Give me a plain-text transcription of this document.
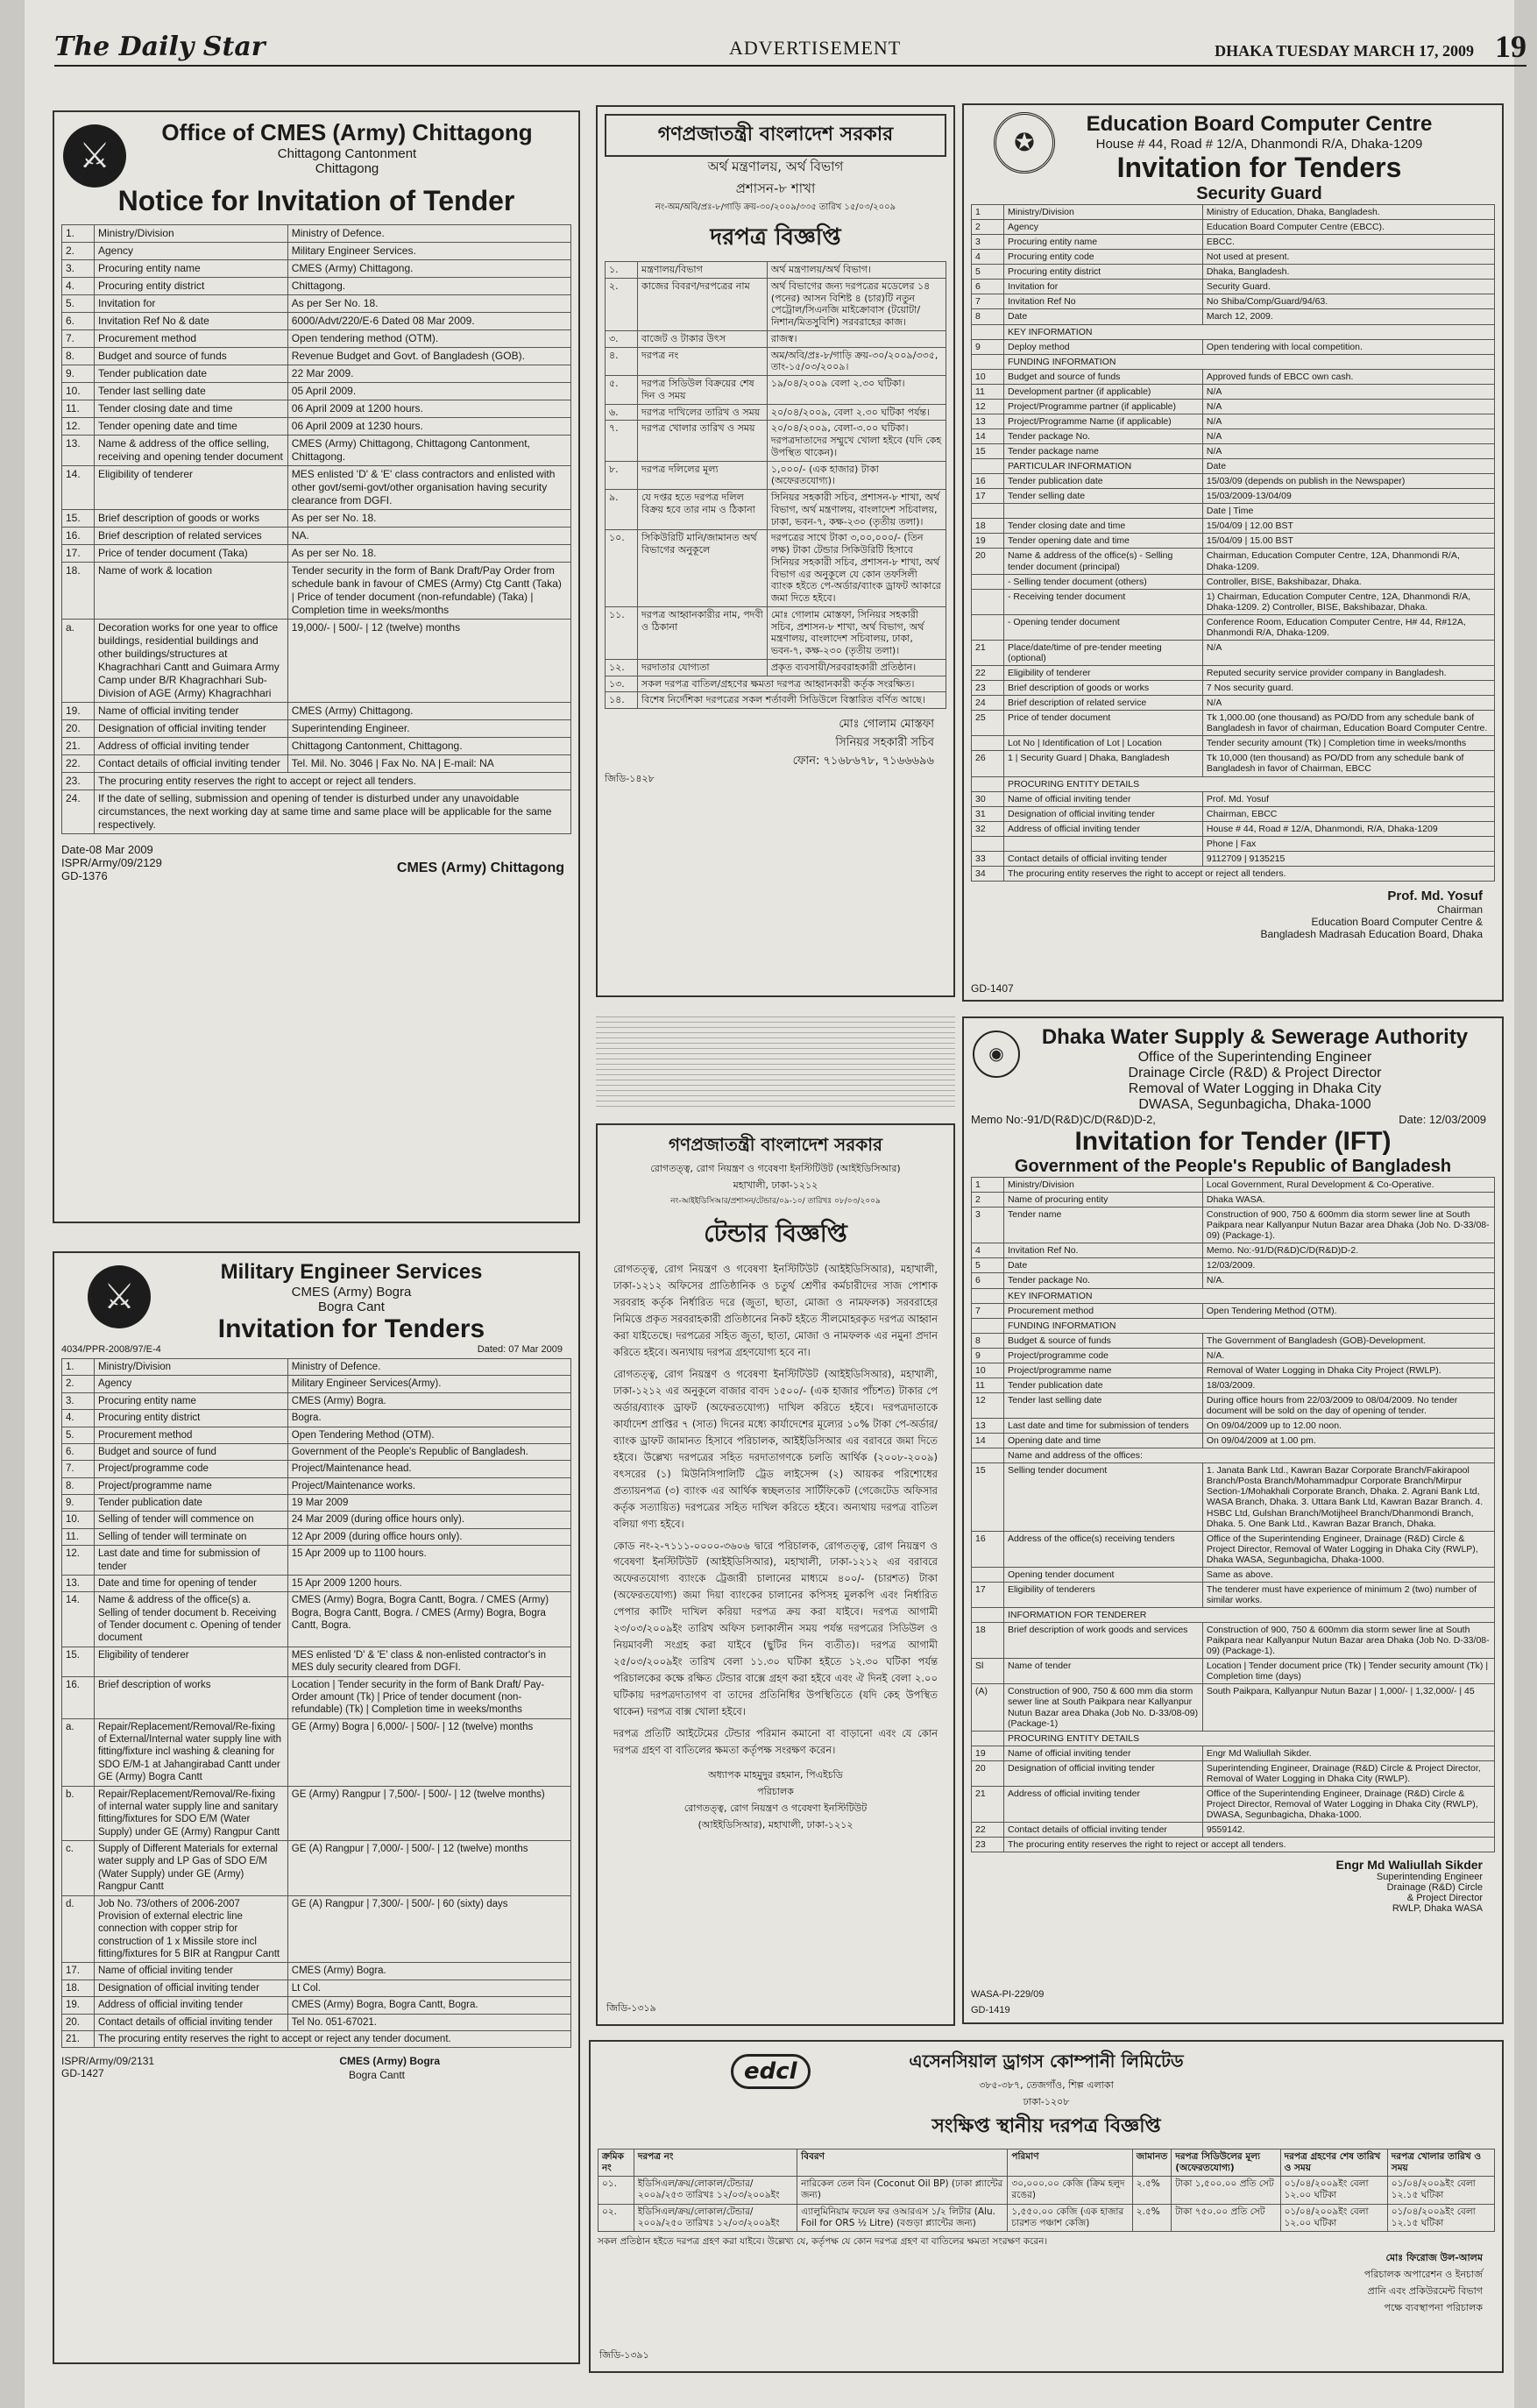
The Daily Star	ADVERTISEMENT	DHAKA TUESDAY MARCH 17, 2009 19
⚔
Office of CMES (Army) Chittagong
Chittagong Cantonment
Chittagong
Notice for Invitation of Tender
1.	Ministry/Division	Ministry of Defence.
2.	Agency	Military Engineer Services.
3.	Procuring entity name	CMES (Army) Chittagong.
4.	Procuring entity district	Chittagong.
5.	Invitation for	As per Ser No. 18.
6.	Invitation Ref No & date	6000/Advt/220/E-6 Dated 08 Mar 2009.
7.	Procurement method	Open tendering method (OTM).
8.	Budget and source of funds	Revenue Budget and Govt. of Bangladesh (GOB).
9.	Tender publication date	22 Mar 2009.
10.	Tender last selling date	05 April 2009.
11.	Tender closing date and time	06 April 2009 at 1200 hours.
12.	Tender opening date and time	06 April 2009 at 1230 hours.
13.	Name & address of the office selling, receiving and opening tender document	CMES (Army) Chittagong, Chittagong Cantonment, Chittagong.
14.	Eligibility of tenderer	MES enlisted 'D' & 'E' class contractors and enlisted with other govt/semi-govt/other organisation having security clearance from DGFI.
15.	Brief description of goods or works	As per ser No. 18.
16.	Brief description of related services	NA.
17.	Price of tender document (Taka)	As per ser No. 18.
18.	Name of work & location	Tender security in the form of Bank Draft/Pay Order from schedule bank in favour of CMES (Army) Ctg Cantt (Taka) | Price of tender document (non-refundable) (Taka) | Completion time in weeks/months
a.	Decoration works for one year to office buildings, residential buildings and other buildings/structures at Khagrachhari Cantt and Guimara Army Camp under B/R Khagrachhari Sub-Division of AGE (Army) Khagrachhari	19,000/- | 500/- | 12 (twelve) months
19.	Name of official inviting tender	CMES (Army) Chittagong.
20.	Designation of official inviting tender	Superintending Engineer.
21.	Address of official inviting tender	Chittagong Cantonment, Chittagong.
22.	Contact details of official inviting tender	Tel. Mil. No. 3046 | Fax No. NA | E-mail: NA
23.	The procuring entity reserves the right to accept or reject all tenders.	
24.	If the date of selling, submission and opening of tender is disturbed under any unavoidable circumstances, the next working day at same time and same place will be applicable for the same respectively.	
Date-08 Mar 2009
ISPR/Army/09/2129
GD-1376
CMES (Army) Chittagong
⚔
Military Engineer Services
CMES (Army) Bogra
Bogra Cant
Invitation for Tenders
4034/PPR-2008/97/E-4	Dated: 07 Mar 2009
1.	Ministry/Division	Ministry of Defence.
2.	Agency	Military Engineer Services(Army).
3.	Procuring entity name	CMES (Army) Bogra.
4.	Procuring entity district	Bogra.
5.	Procurement method	Open Tendering Method (OTM).
6.	Budget and source of fund	Government of the People's Republic of Bangladesh.
7.	Project/programme code	Project/Maintenance head.
8.	Project/programme name	Project/Maintenance works.
9.	Tender publication date	19 Mar 2009
10.	Selling of tender will commence on	24 Mar 2009 (during office hours only).
11.	Selling of tender will terminate on	12 Apr 2009 (during office hours only).
12.	Last date and time for submission of tender	15 Apr 2009 up to 1100 hours.
13.	Date and time for opening of tender	15 Apr 2009 1200 hours.
14.	Name & address of the office(s) a. Selling of tender document b. Receiving of Tender document c. Opening of tender document	CMES (Army) Bogra, Bogra Cantt, Bogra. / CMES (Army) Bogra, Bogra Cantt, Bogra. / CMES (Army) Bogra, Bogra Cantt, Bogra.
15.	Eligibility of tenderer	MES enlisted 'D' & 'E' class & non-enlisted contractor's in MES duly security cleared from DGFI.
16.	Brief description of works	Location | Tender security in the form of Bank Draft/ Pay-Order amount (Tk) | Price of tender document (non-refundable) (Tk) | Completion time in weeks/months
a.	Repair/Replacement/Removal/Re-fixing of External/Internal water supply line with fitting/fixture incl washing & cleaning for SDO E/M-1 at Jahangirabad Cantt under GE (Army) Bogra Cantt	GE (Army) Bogra | 6,000/- | 500/- | 12 (twelve) months
b.	Repair/Replacement/Removal/Re-fixing of internal water supply line and sanitary fitting/fixtures for SDO E/M (Water Supply) under GE (Army) Rangpur Cantt	GE (Army) Rangpur | 7,500/- | 500/- | 12 (twelve months)
c.	Supply of Different Materials for external water supply and LP Gas of SDO E/M (Water Supply) under GE (Army) Rangpur Cantt	GE (A) Rangpur | 7,000/- | 500/- | 12 (twelve) months
d.	Job No. 73/others of 2006-2007 Provision of external electric line connection with copper strip for construction of 1 x Missile store incl fitting/fixtures for 5 BIR at Rangpur Cantt	GE (A) Rangpur | 7,300/- | 500/- | 60 (sixty) days
17.	Name of official inviting tender	CMES (Army) Bogra.
18.	Designation of official inviting tender	Lt Col.
19.	Address of official inviting tender	CMES (Army) Bogra, Bogra Cantt, Bogra.
20.	Contact details of official inviting tender	Tel No. 051-67021.
21.	The procuring entity reserves the right to accept or reject any tender document.	
ISPR/Army/09/2131
GD-1427
CMES (Army) Bogra
Bogra Cantt
গণপ্রজাতন্ত্রী বাংলাদেশ সরকার
অর্থ মন্ত্রণালয়, অর্থ বিভাগ
প্রশাসন-৮ শাখা
নং-অম/অবি/প্রঃ-৮/গাড়ি ক্রয়-৩০/২০০৯/৩৩৫ তারিখ ১৫/০৩/২০০৯
দরপত্র বিজ্ঞপ্তি
১.	মন্ত্রণালয়/বিভাগ	অর্থ মন্ত্রণালয়/অর্থ বিভাগ।
২.	কাজের বিবরণ/দরপত্রের নাম	অর্থ বিভাগের জন্য দরপত্রের মডেলের ১৪ (পনের) আসন বিশিষ্ট ৪ (চার)টি নতুন পেট্রোল/সিএনজি মাইক্রোবাস (টয়োটা/নিশান/মিতসুবিশি) সরবরাহের কাজ।
৩.	বাজেট ও টাকার উৎস	রাজস্ব।
৪.	দরপত্র নং	অম/অবি/প্রঃ-৮/গাড়ি ক্রয়-৩০/২০০৯/৩৩৫, তাং-১৫/০৩/২০০৯।
৫.	দরপত্র সিডিউল বিক্রয়ের শেষ দিন ও সময়	১৯/০৪/২০০৯ বেলা ২.৩০ ঘটিকা।
৬.	দরপত্র দাখিলের তারিখ ও সময়	২০/০৪/২০০৯, বেলা ২.৩০ ঘটিকা পর্যন্ত।
৭.	দরপত্র খোলার তারিখ ও সময়	২০/০৪/২০০৯, বেলা-৩.০০ ঘটিকা। দরপত্রদাতাদের সম্মুখে খোলা হইবে (যদি কেহ উপস্থিত থাকেন)।
৮.	দরপত্র দলিলের মূল্য	১,০০০/- (এক হাজার) টাকা (অফেরতযোগ্য)।
৯.	যে দপ্তর হতে দরপত্র দলিল বিক্রয় হবে তার নাম ও ঠিকানা	সিনিয়র সহকারী সচিব, প্রশাসন-৮ শাখা, অর্থ বিভাগ, অর্থ মন্ত্রণালয়, বাংলাদেশ সচিবালয়, ঢাকা, ভবন-৭, কক্ষ-২৩০ (তৃতীয় তলা)।
১০.	সিকিউরিটি মানি/জামানত অর্থ বিভাগের অনুকূলে	দরপত্রের সাথে টাকা ৩,০০,০০০/- (তিন লক্ষ) টাকা টেন্ডার সিকিউরিটি হিসাবে সিনিয়র সহকারী সচিব, প্রশাসন-৮ শাখা, অর্থ বিভাগ এর অনুকূলে যে কোন তফসিলী ব্যাংক হইতে পে-অর্ডার/ব্যাংক ড্রাফট আকারে জমা দিতে হইবে।
১১.	দরপত্র আহ্বানকারীর নাম, পদবী ও ঠিকানা	মোঃ গোলাম মোস্তফা, সিনিয়র সহকারী সচিব, প্রশাসন-৮ শাখা, অর্থ বিভাগ, অর্থ মন্ত্রণালয়, বাংলাদেশ সচিবালয়, ঢাকা, ভবন-৭, কক্ষ-২৩০ (তৃতীয় তলা)।
১২.	দরদাতার যোগ্যতা	প্রকৃত ব্যবসায়ী/সরবরাহকারী প্রতিষ্ঠান।
১৩.	সকল দরপত্র বাতিল/গ্রহণের ক্ষমতা দরপত্র আহ্বানকারী কর্তৃক সংরক্ষিত।	
১৪.	বিশেষ নির্দেশিকা দরপত্রের সকল শর্তাবলী সিডিউলে বিস্তারিত বর্ণিত আছে।	
মোঃ গোলাম মোস্তফা
সিনিয়র সহকারী সচিব
ফোন: ৭১৬৮৬৭৮, ৭১৬৬৬৯৬
জিডি-১৪২৮
গণপ্রজাতন্ত্রী বাংলাদেশ সরকার
রোগতত্ত্ব, রোগ নিয়ন্ত্রণ ও গবেষণা ইনস্টিটিউট (আইইডিসিআর)
মহাখালী, ঢাকা-১২১২
নং-আইইডিসিআর/প্রশাসন/টেন্ডার/০৯-১০/ তারিখঃ ০৮/০৩/২০০৯
টেন্ডার বিজ্ঞপ্তি

রোগতত্ত্ব, রোগ নিয়ন্ত্রণ ও গবেষণা ইনস্টিটিউট (আইইডিসিআর), মহাখালী, ঢাকা-১২১২ অফিসের প্রাতিষ্ঠানিক ও চতুর্থ শ্রেণীর কর্মচারীদের সাজ পোশাক সরবরাহ কর্তৃক নির্ধারিত দরে (জুতা, ছাতা, মোজা ও নামফলক) সরবরাহের নিমিত্তে প্রকৃত সরবরাহকারী প্রতিষ্ঠানের নিকট হইতে সীলমোহরকৃত দরপত্র আহ্বান করা যাইতেছে। দরপত্রের সহিত জুতা, ছাতা, মোজা ও নামফলক এর নমুনা প্রদান করিতে হইবে। অন্যথায় দরপত্র গ্রহণযোগ্য হবে না।

রোগতত্ত্ব, রোগ নিয়ন্ত্রণ ও গবেষণা ইনস্টিটিউট (আইইডিসিআর), মহাখালী, ঢাকা-১২১২ এর অনুকূলে বাজার বাবদ ১৫০০/- (এক হাজার পাঁচশত) টাকার পে অর্ডার/ব্যাংক ড্রাফট (অফেরতযোগ্য) দাখিল করিতে হইবে। দরপত্রদাতাকে কার্যাদেশ প্রাপ্তির ৭ (সাত) দিনের মধ্যে কার্যাদেশের মূল্যের ১০% টাকা পে-অর্ডার/ব্যাংক ড্রাফট জামানত হিসাবে পরিচালক, আইইডিসিআর এর বরাবরে জমা দিতে হইবে। উল্লেখ্য দরপত্রের সহিত দরদাতাগণকে চলতি আর্থিক (২০০৮-২০০৯) বৎসরের (১) মিউনিসিপালিটি ট্রেড লাইসেন্স (২) আয়কর পরিশোধের প্রত্যায়নপত্র (৩) ব্যাংক এর আর্থিক স্বচ্ছলতার সার্টিফিকেট (গেজেটেড অফিসার কর্তৃক সত্যায়িত) দরপত্রের সহিত দাখিল করিতে হইবে। অন্যথায় দরপত্র বাতিল বলিয়া গণ্য হইবে।

কোড নং-২-৭১১১-০০০০-৩৬০৬ দ্বারে পরিচালক, রোগতত্ত্ব, রোগ নিয়ন্ত্রণ ও গবেষণা ইনস্টিটিউট (আইইডিসিআর), মহাখালী, ঢাকা-১২১২ এর বরাবরে অফেরতযোগ্য ব্যাংকে ট্রেজারী চালানের মাধ্যমে ৪০০/- (চারশত) টাকা (অফেরতযোগ্য) জমা দিয়া ব্যাংকের চালানের কপিসহ মুলকপি এবং নির্ধারিত পেপার কাটিং দাখিল করিয়া দরপত্র ক্রয় করা যাইবে। দরপত্র আগামী ২৩/০৩/২০০৯ইং তারিখ অফিস চলাকালীন সময় পর্যন্ত দরপত্রের সিডিউল ও নিয়মাবলী সংগ্রহ করা যাইবে (ছুটির দিন ব্যতীত)। দরপত্র আগামী ২৫/০৩/২০০৯ইং তারিখ বেলা ১১.৩০ ঘটিকা হইতে ১২.৩০ ঘটিকা পর্যন্ত পরিচালকের কক্ষে রক্ষিত টেন্ডার বাক্সে গ্রহণ করা হইবে এবং ঐ দিনই বেলা ২.০০ ঘটিকায় দরপত্রদাতাগণ বা তাদের প্রতিনিধির উপস্থিতিতে (যদি কেহ উপস্থিত থাকেন) দরপত্র বাক্স খোলা হইবে।

দরপত্র প্রতিটি আইটেমের টেন্ডার পরিমান কমানো বা বাড়ানো এবং যে কোন দরপত্র গ্রহণ বা বাতিলের ক্ষমতা কর্তৃপক্ষ সংরক্ষণ করেন।

অধ্যাপক মাহমুদুর রহমান, পিএইচডি
পরিচালক
রোগতত্ত্ব, রোগ নিয়ন্ত্রণ ও গবেষণা ইনস্টিটিউট
(আইইডিসিআর), মহাখালী, ঢাকা-১২১২
জিডি-১৩১৯
✪
Education Board Computer Centre
House # 44, Road # 12/A, Dhanmondi R/A, Dhaka-1209
Invitation for Tenders
Security Guard
1	Ministry/Division	Ministry of Education, Dhaka, Bangladesh.
2	Agency	Education Board Computer Centre (EBCC).
3	Procuring entity name	EBCC.
4	Procuring entity code	Not used at present.
5	Procuring entity district	Dhaka, Bangladesh.
6	Invitation for	Security Guard.
7	Invitation Ref No	No Shiba/Comp/Guard/94/63.
8	Date	March 12, 2009.
	KEY INFORMATION	
9	Deploy method	Open tendering with local competition.
	FUNDING INFORMATION	
10	Budget and source of funds	Approved funds of EBCC own cash.
11	Development partner (if applicable)	N/A
12	Project/Programme partner (if applicable)	N/A
13	Project/Programme Name (if applicable)	N/A
14	Tender package No.	N/A
15	Tender package name	N/A
	PARTICULAR INFORMATION	Date
16	Tender publication date	15/03/09 (depends on publish in the Newspaper)
17	Tender selling date	15/03/2009-13/04/09
		Date | Time
18	Tender closing date and time	15/04/09 | 12.00 BST
19	Tender opening date and time	15/04/09 | 15.00 BST
20	Name & address of the office(s) - Selling tender document (principal)	Chairman, Education Computer Centre, 12A, Dhanmondi R/A, Dhaka-1209.
	- Selling tender document (others)	Controller, BISE, Bakshibazar, Dhaka.
	- Receiving tender document	1) Chairman, Education Computer Centre, 12A, Dhanmondi R/A, Dhaka-1209. 2) Controller, BISE, Bakshibazar, Dhaka.
	- Opening tender document	Conference Room, Education Computer Centre, H# 44, R#12A, Dhanmondi R/A, Dhaka-1209.
21	Place/date/time of pre-tender meeting (optional)	N/A
22	Eligibility of tenderer	Reputed security service provider company in Bangladesh.
23	Brief description of goods or works	7 Nos security guard.
24	Brief description of related service	N/A
25	Price of tender document	Tk 1,000.00 (one thousand) as PO/DD from any schedule bank of Bangladesh in favor of chairman, Education Board Computer Centre.
	Lot No | Identification of Lot | Location	Tender security amount (Tk) | Completion time in weeks/months
26	1 | Security Guard | Dhaka, Bangladesh	Tk 10,000 (ten thousand) as PO/DD from any schedule bank of Bangladesh in favor of Chairman, EBCC
	PROCURING ENTITY DETAILS	
30	Name of official inviting tender	Prof. Md. Yosuf
31	Designation of official inviting tender	Chairman, EBCC
32	Address of official inviting tender	House # 44, Road # 12/A, Dhanmondi, R/A, Dhaka-1209
		Phone | Fax
33	Contact details of official inviting tender	9112709 | 9135215
34	The procuring entity reserves the right to accept or reject all tenders.	
Prof. Md. Yosuf
Chairman
Education Board Computer Centre &
Bangladesh Madrasah Education Board, Dhaka
GD-1407
◉
Dhaka Water Supply & Sewerage Authority
Office of the Superintending Engineer
Drainage Circle (R&D) & Project Director
Removal of Water Logging in Dhaka City
DWASA, Segunbagicha, Dhaka-1000
Memo No:-91/D(R&D)C/D(R&D)D-2,	Date: 12/03/2009
Invitation for Tender (IFT)
Government of the People's Republic of Bangladesh
1	Ministry/Division	Local Government, Rural Development & Co-Operative.
2	Name of procuring entity	Dhaka WASA.
3	Tender name	Construction of 900, 750 & 600mm dia storm sewer line at South Paikpara near Kallyanpur Nutun Bazar area Dhaka (Job No. D-33/08-09) (Package-1).
4	Invitation Ref No.	Memo. No:-91/D(R&D)C/D(R&D)D-2.
5	Date	12/03/2009.
6	Tender package No.	N/A.
	KEY INFORMATION	
7	Procurement method	Open Tendering Method (OTM).
	FUNDING INFORMATION	
8	Budget & source of funds	The Government of Bangladesh (GOB)-Development.
9	Project/programme code	N/A.
10	Project/programme name	Removal of Water Logging in Dhaka City Project (RWLP).
11	Tender publication date	18/03/2009.
12	Tender last selling date	During office hours from 22/03/2009 to 08/04/2009. No tender document will be sold on the day of opening of tender.
13	Last date and time for submission of tenders	On 09/04/2009 up to 12.00 noon.
14	Opening date and time	On 09/04/2009 at 1.00 pm.
	Name and address of the offices:	
15	Selling tender document	1. Janata Bank Ltd., Kawran Bazar Corporate Branch/Fakirapool Branch/Posta Branch/Mohammadpur Corporate Branch/Mirpur Section-1/Mohakhali Corporate Branch, Dhaka. 2. Agrani Bank Ltd, WASA Branch, Dhaka. 3. Uttara Bank Ltd, Kawran Bazar Branch. 4. HSBC Ltd, Gulshan Branch/Motijheel Branch/Dhanmondi Branch, Dhaka. 5. One Bank Ltd., Kawran Bazar Branch, Dhaka.
16	Address of the office(s) receiving tenders	Office of the Superintending Engineer, Drainage (R&D) Circle & Project Director, Removal of Water Logging in Dhaka City (RWLP), Dhaka WASA, Segunbagicha, Dhaka-1000.
	Opening tender document	Same as above.
17	Eligibility of tenderers	The tenderer must have experience of minimum 2 (two) number of similar works.
	INFORMATION FOR TENDERER	
18	Brief description of work goods and services	Construction of 900, 750 & 600mm dia storm sewer line at South Paikpara near Kallyanpur Nutun Bazar area Dhaka (Job No. D-33/08-09) (Package-1).
Sl	Name of tender	Location | Tender document price (Tk) | Tender security amount (Tk) | Completion time (days)
(A)	Construction of 900, 750 & 600 mm dia storm sewer line at South Paikpara near Kallyanpur Nutun Bazar area Dhaka (Job No. D-33/08-09) (Package-1)	South Paikpara, Kallyanpur Nutun Bazar | 1,000/- | 1,32,000/- | 45
	PROCURING ENTITY DETAILS	
19	Name of official inviting tender	Engr Md Waliullah Sikder.
20	Designation of official inviting tender	Superintending Engineer, Drainage (R&D) Circle & Project Director, Removal of Water Logging in Dhaka City (RWLP).
21	Address of official inviting tender	Office of the Superintending Engineer, Drainage (R&D) Circle & Project Director, Removal of Water Logging in Dhaka City (RWLP), DWASA, Segunbagicha, Dhaka-1000.
22	Contact details of official inviting tender	9559142.
23	The procuring entity reserves the right to reject or accept all tenders.	
Engr Md Waliullah Sikder
Superintending Engineer
Drainage (R&D) Circle
& Project Director
RWLP, Dhaka WASA
WASA-PI-229/09
GD-1419
edcl	এসেনসিয়াল ড্রাগস কোম্পানী লিমিটেড
৩৮৫-৩৮৭, তেজগাঁও, শিল্প এলাকা
ঢাকা-১২০৮
সংক্ষিপ্ত স্থানীয় দরপত্র বিজ্ঞপ্তি
ক্রমিক নং	দরপত্র নং	বিবরণ	পরিমাণ	জামানত	দরপত্র সিডিউলের মূল্য (অফেরতযোগ্য)	দরপত্র গ্রহণের শেষ তারিখ ও সময়	দরপত্র খোলার তারিখ ও সময়
০১.	ইডিসিএল/ক্রয়/লোকাল/টেন্ডার/২০০৯/২৫৩ তারিখঃ ১২/০৩/২০০৯ইং	নারিকেল তেল বিন (Coconut Oil BP) (ঢাকা প্ল্যান্টের জন্য)	৩০,০০০.০০ কেজি (ক্রিম হলুদ রঙের)	২.৫%	টাকা ১,৫০০.০০ প্রতি সেট	০১/০৪/২০০৯ইং বেলা ১২.০০ ঘটিকা	০১/০৪/২০০৯ইং বেলা ১২.১৫ ঘটিকা
০২.	ইডিসিএল/ক্রয়/লোকাল/টেন্ডার/২০০৯/২৫০ তারিখঃ ১২/০৩/২০০৯ইং	এ্যালুমিনিয়াম ফয়েল ফর ওআরএস ১/২ লিটার (Alu. Foil for ORS ½ Litre) (বগুড়া প্ল্যান্টের জন্য)	১,৫৫০.০০ কেজি (এক হাজার চারশত পঞ্চাশ কেজি)	২.৫%	টাকা ৭৫০.০০ প্রতি সেট	০১/০৪/২০০৯ইং বেলা ১২.০০ ঘটিকা	০১/০৪/২০০৯ইং বেলা ১২.১৫ ঘটিকা
সকল প্রতিষ্ঠান হইতে দরপত্র গ্রহণ করা যাইবে। উল্লেখ্য যে, কর্তৃপক্ষ যে কোন দরপত্র গ্রহণ বা বাতিলের ক্ষমতা সংরক্ষণ করেন।
মোঃ ফিরোজ উল-আলম
পরিচালক অপারেশন ও ইনচার্জ
প্রানি এবং প্রকিউরমেন্ট বিভাগ
পক্ষে ব্যবস্থাপনা পরিচালক
জিডি-১৩৯১
